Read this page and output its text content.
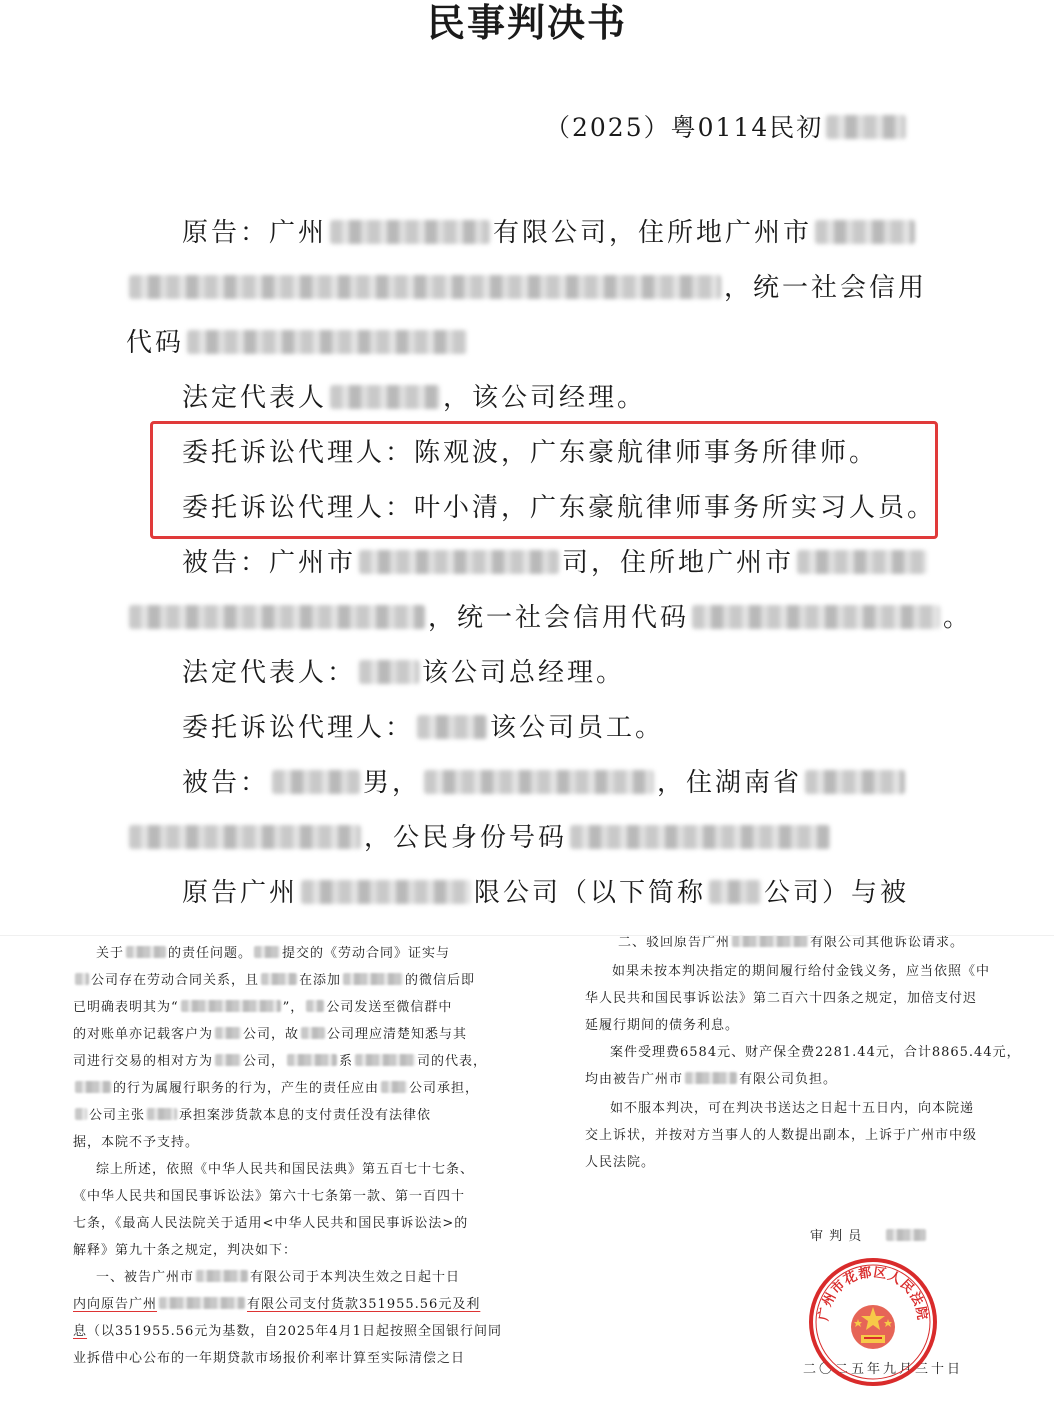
民事判决书
（2025）粤0114民初
原告：广州	有限公司，住所地广州市
，统一社会信用
代码
法定代表人	，该公司经理。
委托诉讼代理人：陈观波，广东豪航律师事务所律师。
委托诉讼代理人：叶小清，广东豪航律师事务所实习人员。
被告：广州市	司，住所地广州市
，统一社会信用代码	。
法定代表人：	该公司总经理。
委托诉讼代理人：	该公司员工。
被告：	男，	，住湖南省
，公民身份号码
原告广州	限公司（以下简称 公司）与被
关于	的责任问题。 提交的《劳动合同》证实与
公司存在劳动合同关系，且	在添加	的微信后即
已明确表明其为“	”， 公司发送至微信群中
的对账单亦记载客户为 公司，故 公司理应清楚知悉与其
司进行交易的相对方为 公司，	系	司的代表，
的行为属履行职务的行为，产生的责任应由 公司承担，
公司主张	承担案涉货款本息的支付责任没有法律依
据，本院不予支持。
综上所述，依照《中华人民共和国民法典》第五百七十七条、
《中华人民共和国民事诉讼法》第六十七条第一款、第一百四十
七条，《最高人民法院关于适用<中华人民共和国民事诉讼法>的
解释》第九十条之规定，判决如下：
一、被告广州市	有限公司于本判决生效之日起十日
内向原告广州	有限公司支付货款351955.56元及利
息（以351955.56元为基数，自2025年4月1日起按照全国银行间同
业拆借中心公布的一年期贷款市场报价利率计算至实际清偿之日
二、驳回原告广州	有限公司其他诉讼请求。
如果未按本判决指定的期间履行给付金钱义务，应当依照《中
华人民共和国民事诉讼法》第二百六十四条之规定，加倍支付迟
延履行期间的债务利息。
案件受理费6584元、财产保全费2281.44元，合计8865.44元，
均由被告广州市	有限公司负担。
如不服本判决，可在判决书送达之日起十五日内，向本院递
交上诉状，并按对方当事人的人数提出副本，上诉于广州市中级
人民法院。
审 判 员
二〇二五年九月三十日
广州市花都区人民法院
